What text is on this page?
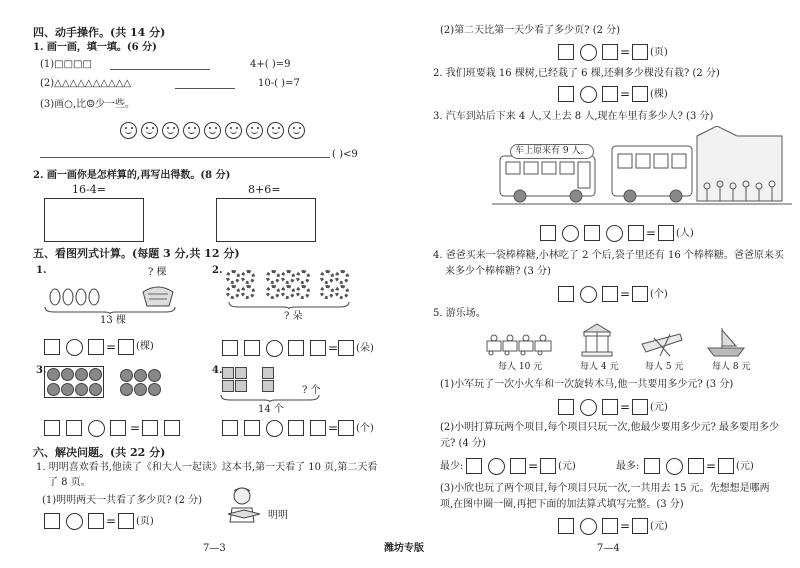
四、动手操作。(共 14 分)
1. 画一画，填一填。(6 分)
(1)□□□□	4+( )=9
(2)△△△△△△△△△△	10-( )=7
(3)画○,比☺少一些。
( )<9
2. 画一画你是怎样算的,再写出得数。(8 分)
16-4=	8+6=
五、看图列式计算。(每题 3 分,共 12 分)
1.	? 棵
13 棵
= (棵)
2.
? 朵
= (朵)
3.
=
4.
? 个
14 个
= (个)
六、解决问题。(共 22 分)
1. 明明喜欢看书,他读了《和大人一起读》这本书,第一天看了 10 页,第二天看
了 8 页。
(1)明明两天一共看了多少页? (2 分)
= (页)
明明
7—3	潍坊专版
(2)第二天比第一天少看了多少页? (2 分)
= (页)
2. 我们班要栽 16 棵树,已经栽了 6 棵,还剩多少棵没有栽? (2 分)
= (棵)
3. 汽车到站后下来 4 人,又上去 8 人,现在车里有多少人? (3 分)
车上原来有 9 人。
= (人)
4. 爸爸买来一袋棒棒糖,小林吃了 2 个后,袋子里还有 16 个棒棒糖。爸爸原来买
来多少个棒棒糖? (3 分)
= (个)
5. 游乐场。
每人 10 元	每人 4 元	每人 5 元	每人 8 元
(1)小军玩了一次小火车和一次旋转木马,他一共要用多少元? (3 分)
= (元)
(2)小明打算玩两个项目,每个项目只玩一次,他最少要用多少元? 最多要用多少
元? (4 分)
最少:	= (元)	最多:	= (元)
(3)小欣也玩了两个项目,每个项目只玩一次,一共用去 15 元。先想想是哪两
项,在图中圈一圈,再把下面的加法算式填写完整。(3 分)
= (元)
7—4
